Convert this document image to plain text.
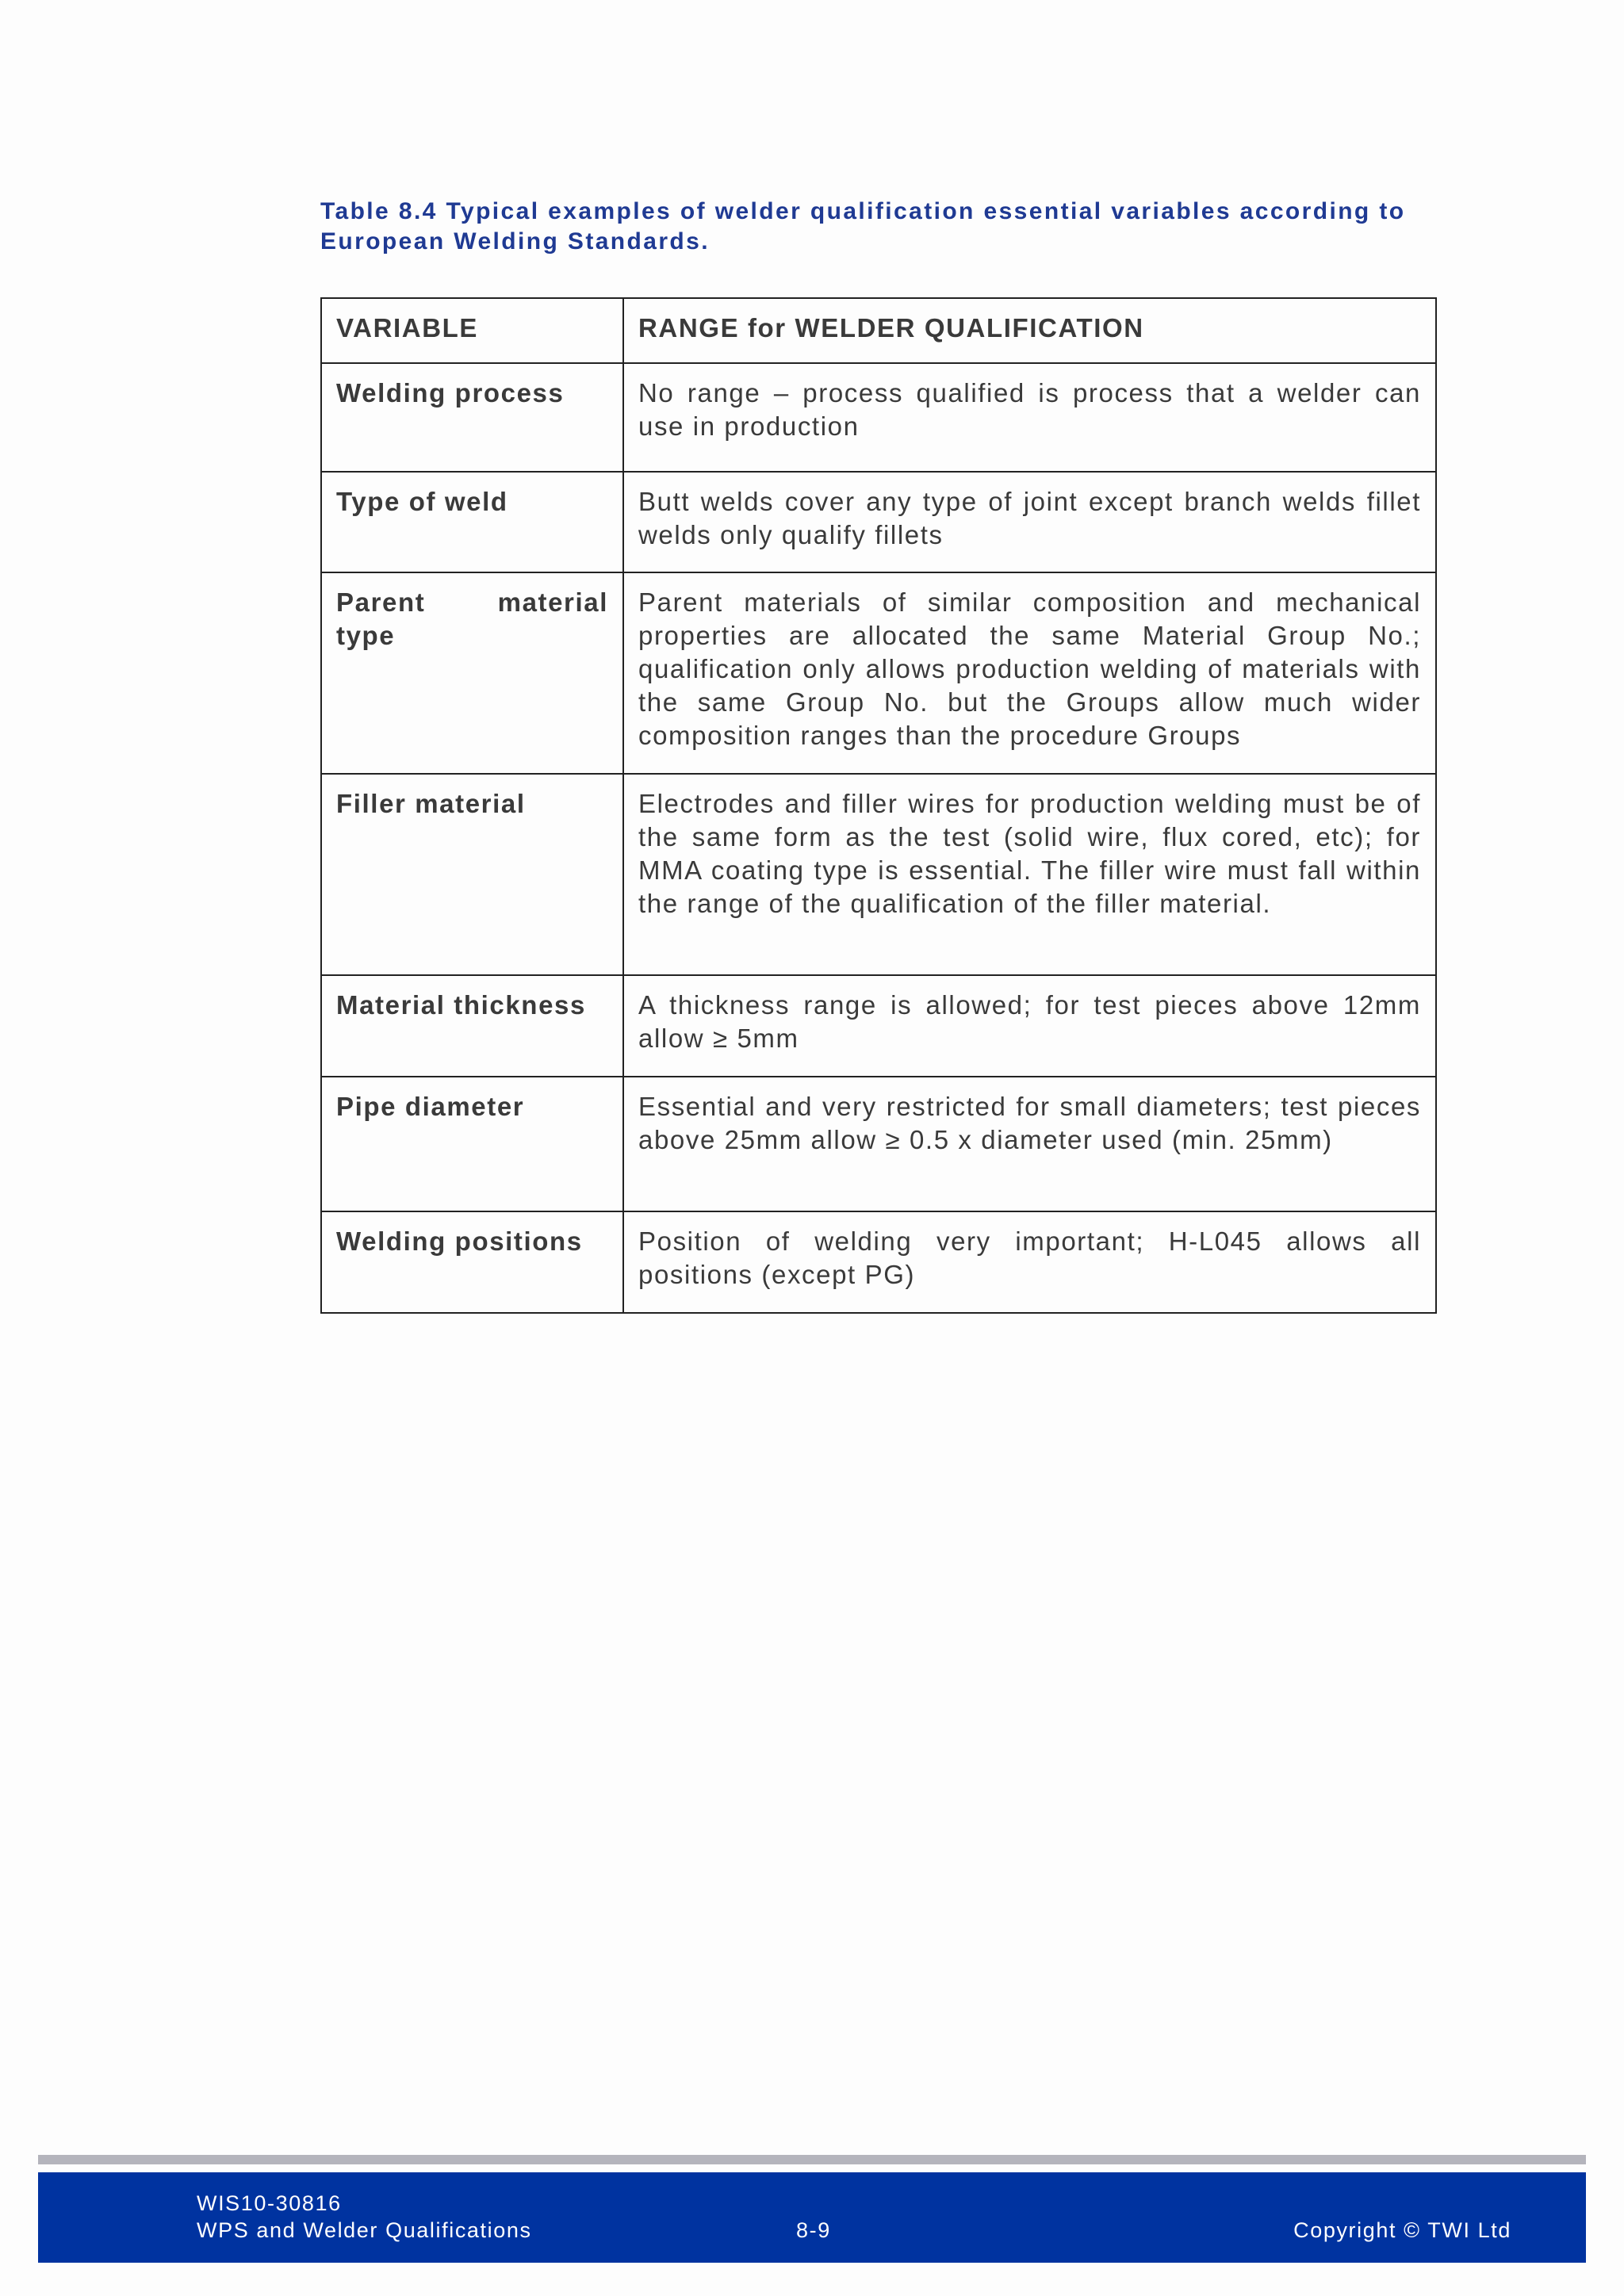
Table 8.4 Typical examples of welder qualification essential variables according to European Welding Standards.

VARIABLE	RANGE for WELDER QUALIFICATION
Welding process	No range – process qualified is process that a welder can use in production
Type of weld	Butt welds cover any type of joint except branch welds fillet welds only qualify fillets
Parent material type	Parent materials of similar composition and mechanical properties are allocated the same Material Group No.; qualification only allows production welding of materials with the same Group No. but the Groups allow much wider composition ranges than the procedure Groups
Filler material	Electrodes and filler wires for production welding must be of the same form as the test (solid wire, flux cored, etc); for MMA coating type is essential. The filler wire must fall within the range of the qualification of the filler material.
Material thickness	A thickness range is allowed; for test pieces above 12mm allow ≥ 5mm
Pipe diameter	Essential and very restricted for small diameters; test pieces above 25mm allow ≥ 0.5 x diameter used (min. 25mm)
Welding positions	Position of welding very important; H-L045 allows all positions (except PG)
WIS10-30816
WPS and Welder Qualifications	8-9	Copyright © TWI Ltd
